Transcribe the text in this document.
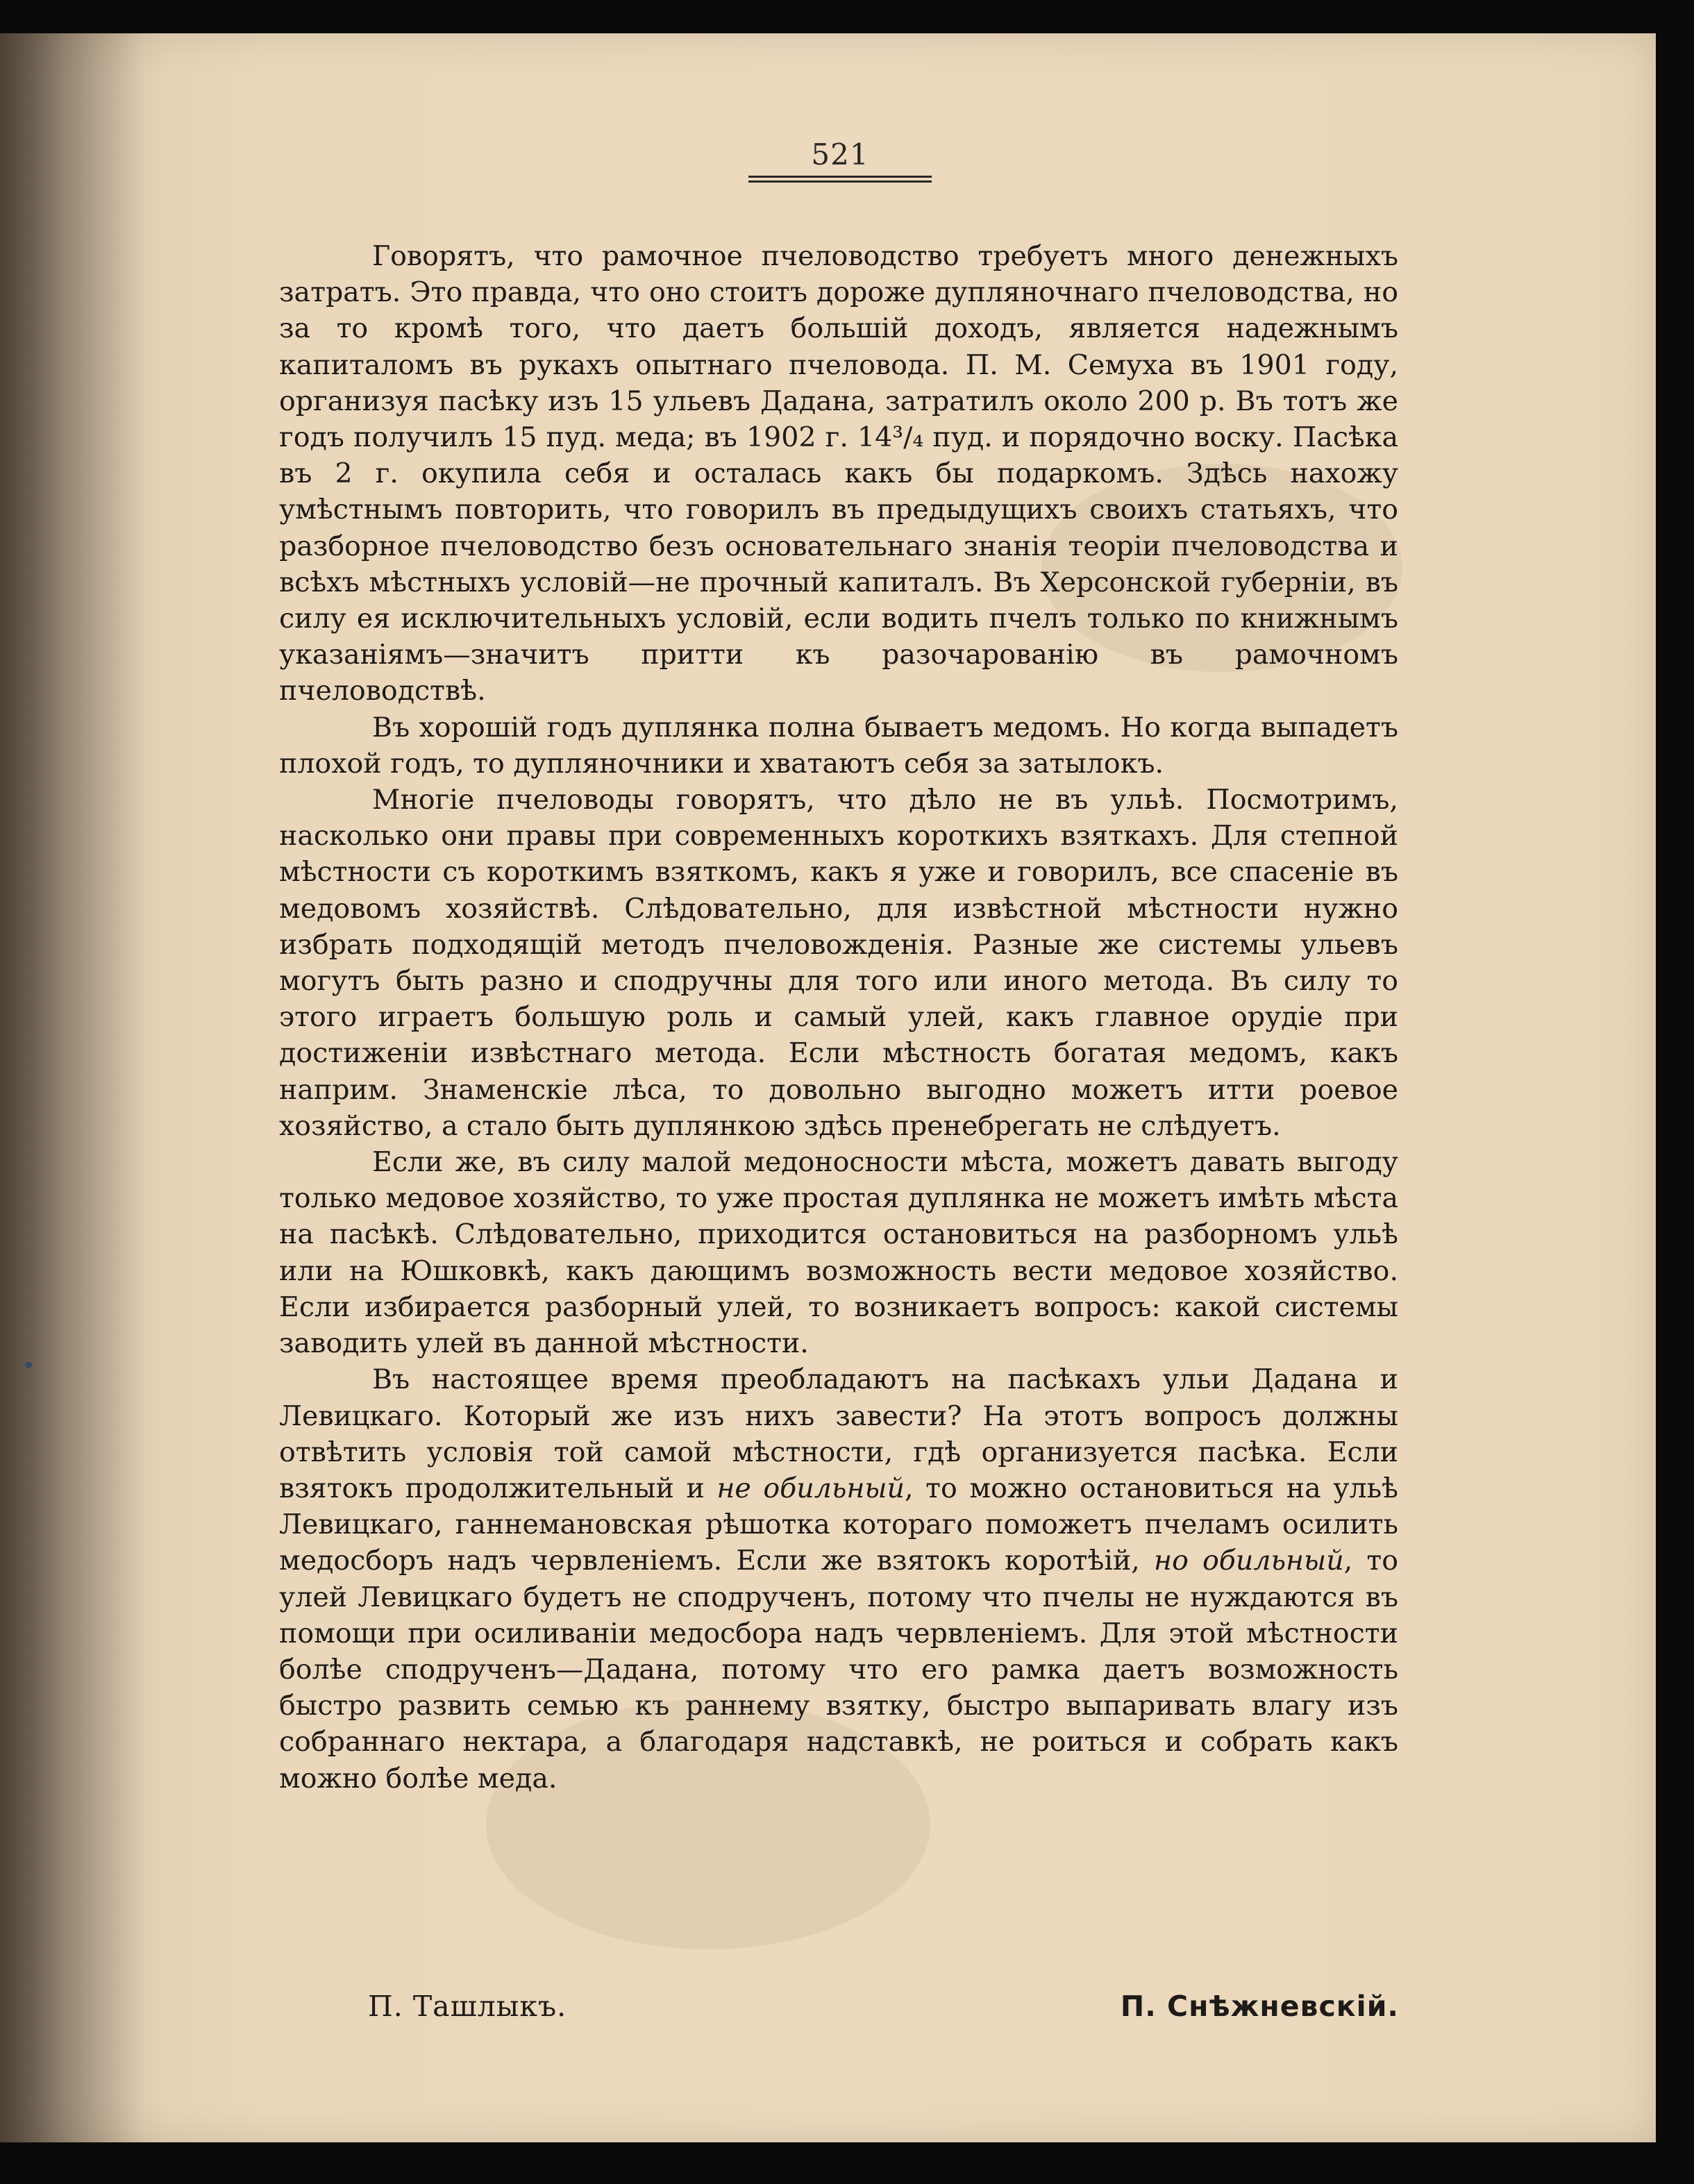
521

Говорятъ, что рамочное пчеловодство требуетъ много денежныхъ затратъ. Это правда, что оно стоитъ дороже дупляночнаго пчеловодства, но за то кромѣ того, что даетъ большій доходъ, является надежнымъ капиталомъ въ рукахъ опытнаго пчеловода. П. М. Семуха въ 1901 году, организуя пасѣку изъ 15 ульевъ Дадана, затратилъ около 200 р. Въ тотъ же годъ получилъ 15 пуд. меда; въ 1902 г. 14³/₄ пуд. и порядочно воску. Пасѣка въ 2 г. окупила себя и осталась какъ бы подаркомъ. Здѣсь нахожу умѣстнымъ повторить, что говорилъ въ предыдущихъ своихъ статьяхъ, что разборное пчеловодство безъ основательнаго знанія теоріи пчеловодства и всѣхъ мѣстныхъ условій—не прочный капиталъ. Въ Херсонской губерніи, въ силу ея исключительныхъ условій, если водить пчелъ только по книжнымъ указаніямъ—значитъ притти къ разочарованію въ рамочномъ пчеловодствѣ.

Въ хорошій годъ дуплянка полна бываетъ медомъ. Но когда выпадетъ плохой годъ, то дупляночники и хватаютъ себя за затылокъ.

Многіе пчеловоды говорятъ, что дѣло не въ ульѣ. Посмотримъ, насколько они правы при современныхъ короткихъ взяткахъ. Для степной мѣстности съ короткимъ взяткомъ, какъ я уже и говорилъ, все спасеніе въ медовомъ хозяйствѣ. Слѣдовательно, для извѣстной мѣстности нужно избрать подходящій методъ пчеловожденія. Разные же системы ульевъ могутъ быть разно и сподручны для того или иного метода. Въ силу то этого играетъ большую роль и самый улей, какъ главное орудіе при достиженіи извѣстнаго метода. Если мѣстность богатая медомъ, какъ наприм. Знаменскіе лѣса, то довольно выгодно можетъ итти роевое хозяйство, а стало быть дуплянкою здѣсь пренебрегать не слѣдуетъ.

Если же, въ силу малой медоносности мѣста, можетъ давать выгоду только медовое хозяйство, то уже простая дуплянка не можетъ имѣть мѣста на пасѣкѣ. Слѣдовательно, приходится остановиться на разборномъ ульѣ или на Юшковкѣ, какъ дающимъ возможность вести медовое хозяйство. Если избирается разборный улей, то возникаетъ вопросъ: какой системы заводить улей въ данной мѣстности.

Въ настоящее время преобладаютъ на пасѣкахъ ульи Дадана и Левицкаго. Который же изъ нихъ завести? На этотъ вопросъ должны отвѣтить условія той самой мѣстности, гдѣ организуется пасѣка. Если взятокъ продолжительный и не обильный, то можно остановиться на ульѣ Левицкаго, ганнемановская рѣшотка котораго поможетъ пчеламъ осилить медосборъ надъ червленіемъ. Если же взятокъ коротѣій, но обильный, то улей Левицкаго будетъ не сподрученъ, потому что пчелы не нуждаются въ помощи при осиливаніи медосбора надъ червленіемъ. Для этой мѣстности болѣе сподрученъ—Дадана, потому что его рамка даетъ возможность быстро развить семью къ раннему взятку, быстро выпаривать влагу изъ собраннаго нектара, а благодаря надставкѣ, не роиться и собрать какъ можно болѣе меда.

П. Ташлыкъ.	П. Снѣжневскій.
